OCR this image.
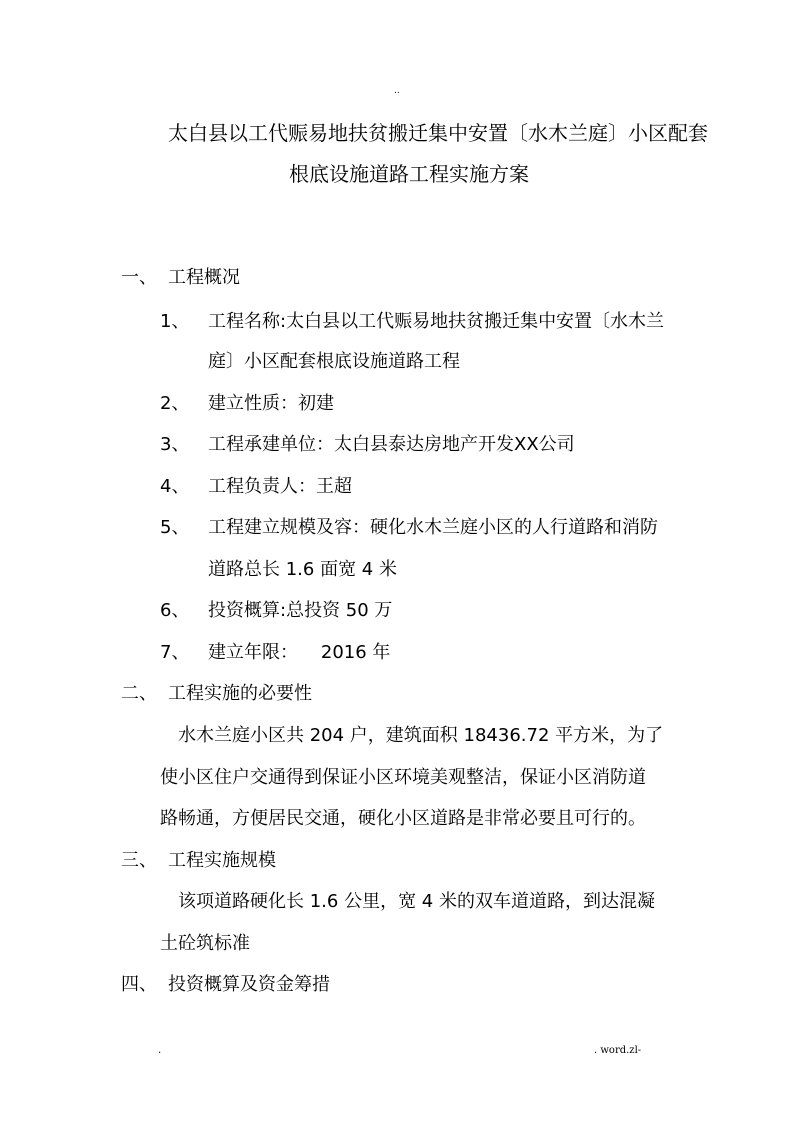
..
太白县以工代赈易地扶贫搬迁集中安置〔水木兰庭〕小区配套
根底设施道路工程实施方案
一、 工程概况
1、 工程名称:太白县以工代赈易地扶贫搬迁集中安置〔水木兰
庭〕小区配套根底设施道路工程
2、 建立性质：初建
3、 工程承建单位：太白县泰达房地产开发XX公司
4、 工程负责人：王超
5、 工程建立规模及容：硬化水木兰庭小区的人行道路和消防
道路总长 1.6 面宽 4 米
6、 投资概算:总投资 50 万
7、 建立年限：    2016 年
二、 工程实施的必要性
水木兰庭小区共 204 户，建筑面积 18436.72 平方米，为了
使小区住户交通得到保证小区环境美观整洁，保证小区消防道
路畅通，方便居民交通，硬化小区道路是非常必要且可行的。
三、 工程实施规模
该项道路硬化长 1.6 公里，宽 4 米的双车道道路，到达混凝
土砼筑标准
四、 投资概算及资金筹措
.	. word.zl-
